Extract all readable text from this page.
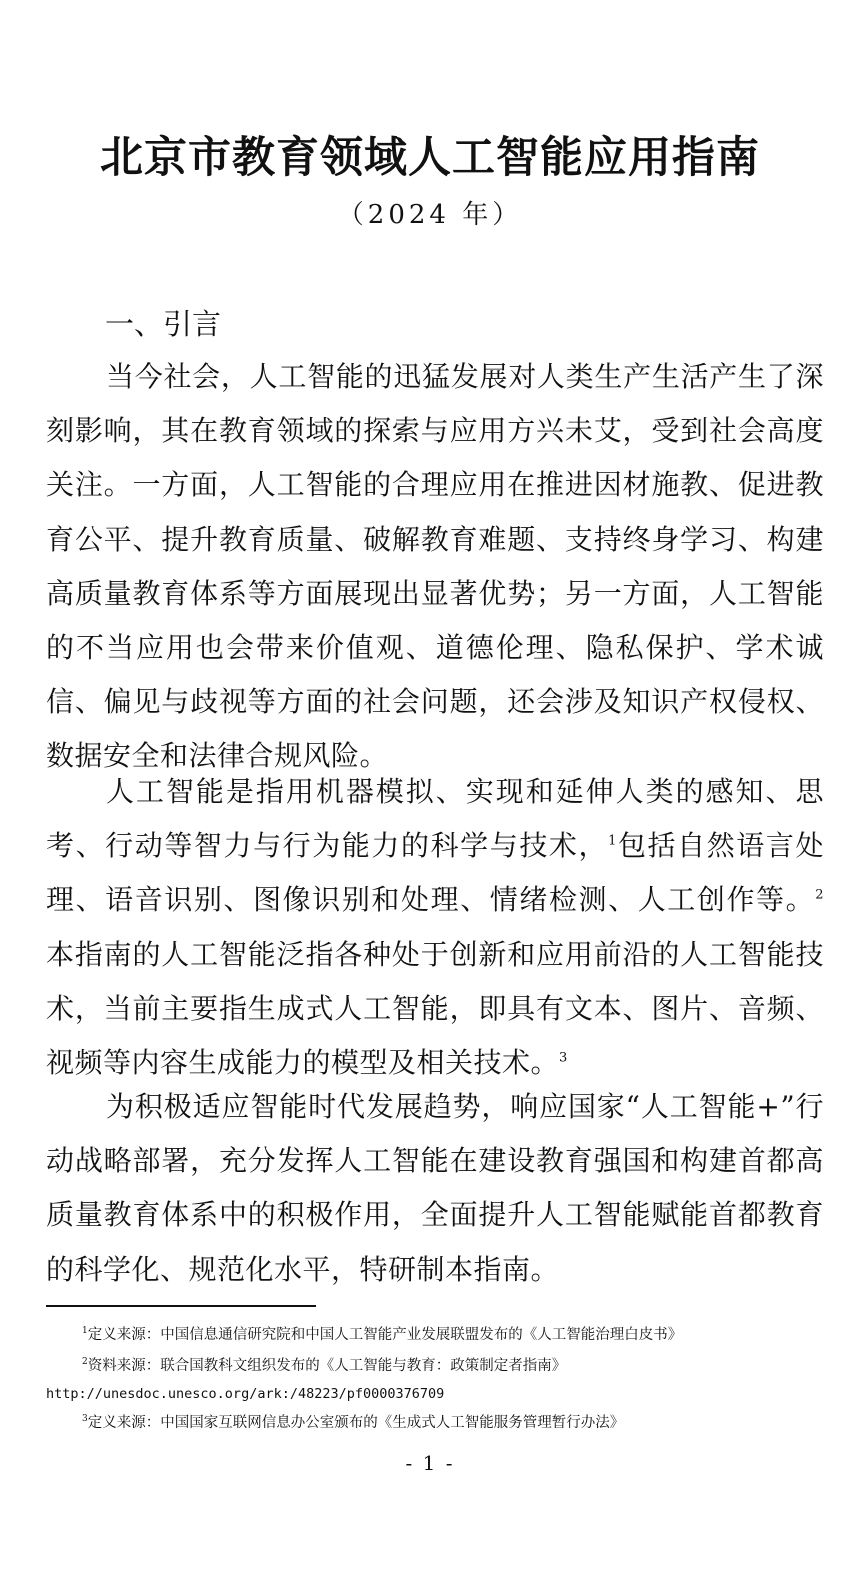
北京市教育领域人工智能应用指南
（2024 年）
一、引言

当今社会，人工智能的迅猛发展对人类生产生活产生了深刻影响，其在教育领域的探索与应用方兴未艾，受到社会高度关注。一方面，人工智能的合理应用在推进因材施教、促进教育公平、提升教育质量、破解教育难题、支持终身学习、构建高质量教育体系等方面展现出显著优势；另一方面，人工智能的不当应用也会带来价值观、道德伦理、隐私保护、学术诚信、偏见与歧视等方面的社会问题，还会涉及知识产权侵权、数据安全和法律合规风险。

人工智能是指用机器模拟、实现和延伸人类的感知、思考、行动等智力与行为能力的科学与技术，$^1$包括自然语言处理、语音识别、图像识别和处理、情绪检测、人工创作等。$^2$本指南的人工智能泛指各种处于创新和应用前沿的人工智能技术，当前主要指生成式人工智能，即具有文本、图片、音频、视频等内容生成能力的模型及相关技术。$^3$

为积极适应智能时代发展趋势，响应国家“人工智能+”行动战略部署，充分发挥人工智能在建设教育强国和构建首都高质量教育体系中的积极作用，全面提升人工智能赋能首都教育的科学化、规范化水平，特研制本指南。

$^1$定义来源：中国信息通信研究院和中国人工智能产业发展联盟发布的《人工智能治理白皮书》
$^2$资料来源：联合国教科文组织发布的《人工智能与教育：政策制定者指南》
http://unesdoc.unesco.org/ark:/48223/pf0000376709
$^3$定义来源：中国国家互联网信息办公室颁布的《生成式人工智能服务管理暂行办法》
- 1 -
